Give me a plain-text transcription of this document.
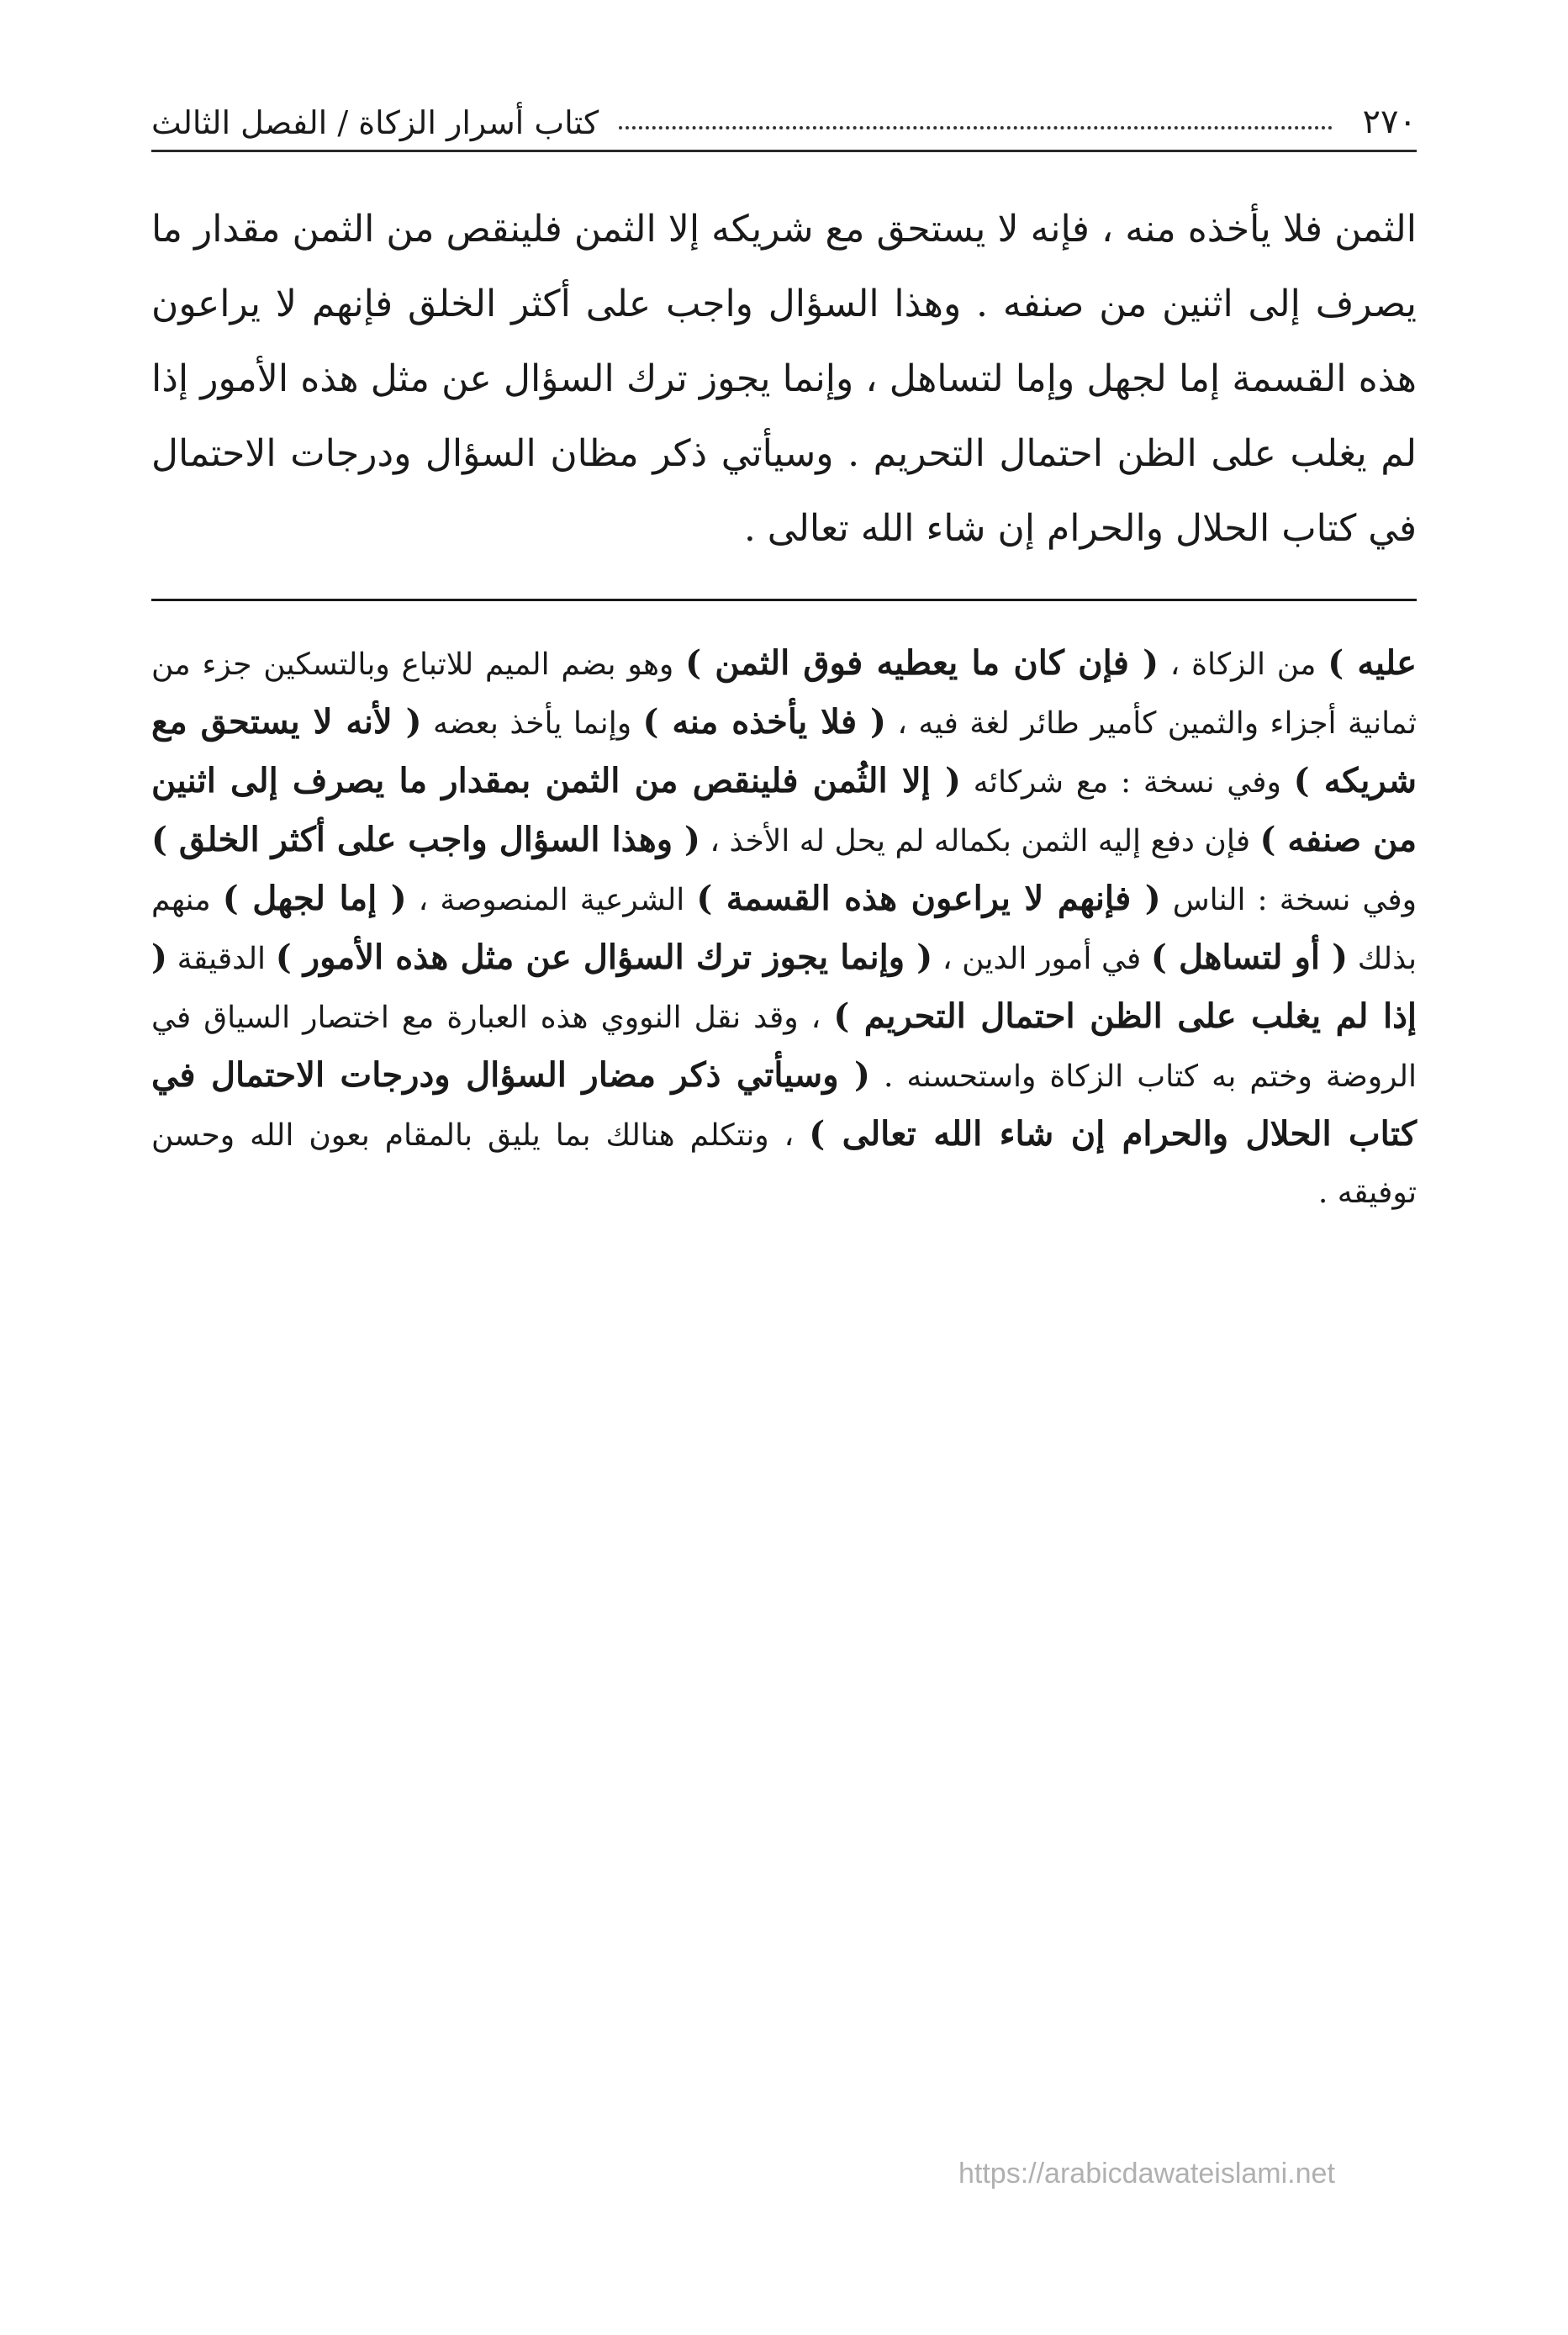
٢٧٠
كتاب أسرار الزكاة / الفصل الثالث

الثمن فلا يأخذه منه ، فإنه لا يستحق مع شريكه إلا الثمن فلينقص من الثمن مقدار ما يصرف إلى اثنين من صنفه . وهذا السؤال واجب على أكثر الخلق فإنهم لا يراعون هذه القسمة إما لجهل وإما لتساهل ، وإنما يجوز ترك السؤال عن مثل هذه الأمور إذا لم يغلب على الظن احتمال التحريم . وسيأتي ذكر مظان السؤال ودرجات الاحتمال في كتاب الحلال والحرام إن شاء الله تعالى .

عليه ) من الزكاة ، ( فإن كان ما يعطيه فوق الثمن ) وهو بضم الميم للاتباع وبالتسكين جزء من ثمانية أجزاء والثمين كأمير طائر لغة فيه ، ( فلا يأخذه منه ) وإنما يأخذ بعضه ( لأنه لا يستحق مع شريكه ) وفي نسخة : مع شركائه ( إلا الثُمن فلينقص من الثمن بمقدار ما يصرف إلى اثنين من صنفه ) فإن دفع إليه الثمن بكماله لم يحل له الأخذ ، ( وهذا السؤال واجب على أكثر الخلق ) وفي نسخة : الناس ( فإنهم لا يراعون هذه القسمة ) الشرعية المنصوصة ، ( إما لجهل ) منهم بذلك ( أو لتساهل ) في أمور الدين ، ( وإنما يجوز ترك السؤال عن مثل هذه الأمور ) الدقيقة ( إذا لم يغلب على الظن احتمال التحريم ) ، وقد نقل النووي هذه العبارة مع اختصار السياق في الروضة وختم به كتاب الزكاة واستحسنه . ( وسيأتي ذكر مضار السؤال ودرجات الاحتمال في كتاب الحلال والحرام إن شاء الله تعالى ) ، ونتكلم هنالك بما يليق بالمقام بعون الله وحسن توفيقه .

https://arabicdawateislami.net
